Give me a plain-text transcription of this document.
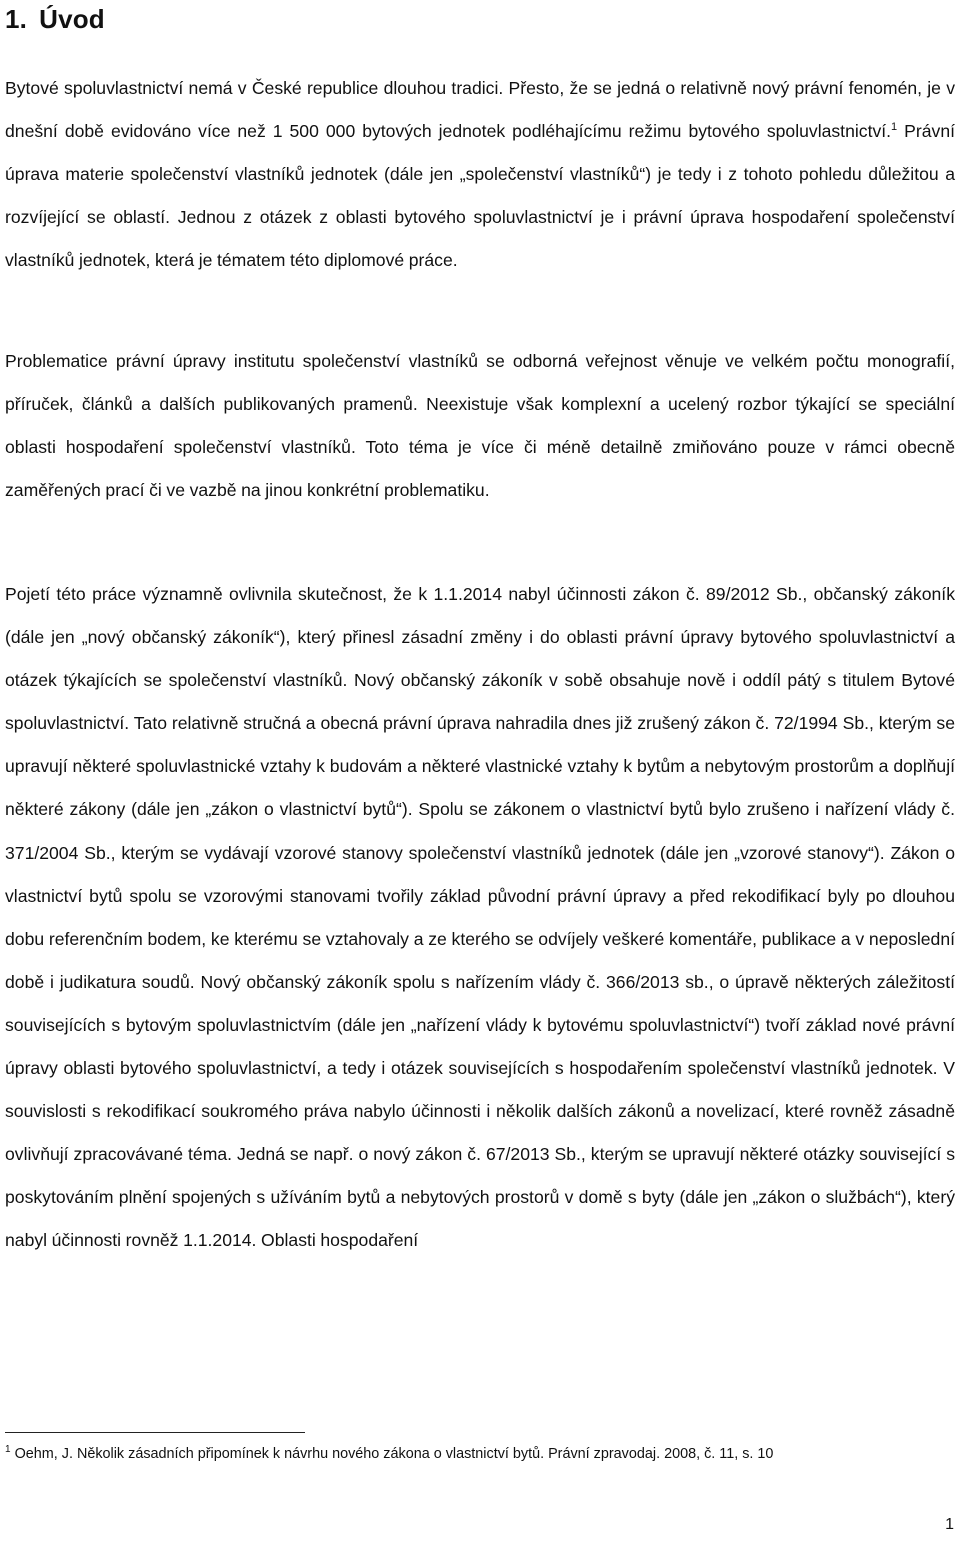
1. Úvod

Bytové spoluvlastnictví nemá v České republice dlouhou tradici. Přesto, že se jedná o relativně nový právní fenomén, je v dnešní době evidováno více než 1 500 000 bytových jednotek podléhajícímu režimu bytového spoluvlastnictví.$^1$ Právní úprava materie společenství vlastníků jednotek (dále jen „společenství vlastníků“) je tedy i z tohoto pohledu důležitou a rozvíjející se oblastí. Jednou z otázek z oblasti bytového spoluvlastnictví je i právní úprava hospodaření společenství vlastníků jednotek, která je tématem této diplomové práce.

Problematice právní úpravy institutu společenství vlastníků se odborná veřejnost věnuje ve velkém počtu monografií, příruček, článků a dalších publikovaných pramenů. Neexistuje však komplexní a ucelený rozbor týkající se speciální oblasti hospodaření společenství vlastníků. Toto téma je více či méně detailně zmiňováno pouze v rámci obecně zaměřených prací či ve vazbě na jinou konkrétní problematiku.

Pojetí této práce významně ovlivnila skutečnost, že k 1.1.2014 nabyl účinnosti zákon č. 89/2012 Sb., občanský zákoník (dále jen „nový občanský zákoník“), který přinesl zásadní změny i do oblasti právní úpravy bytového spoluvlastnictví a otázek týkajících se společenství vlastníků. Nový občanský zákoník v sobě obsahuje nově i oddíl pátý s titulem Bytové spoluvlastnictví. Tato relativně stručná a obecná právní úprava nahradila dnes již zrušený zákon č. 72/1994 Sb., kterým se upravují některé spoluvlastnické vztahy k budovám a některé vlastnické vztahy k bytům a nebytovým prostorům a doplňují některé zákony (dále jen „zákon o vlastnictví bytů“). Spolu se zákonem o vlastnictví bytů bylo zrušeno i nařízení vlády č. 371/2004 Sb., kterým se vydávají vzorové stanovy společenství vlastníků jednotek (dále jen „vzorové stanovy“). Zákon o vlastnictví bytů spolu se vzorovými stanovami tvořily základ původní právní úpravy a před rekodifikací byly po dlouhou dobu referenčním bodem, ke kterému se vztahovaly a ze kterého se odvíjely veškeré komentáře, publikace a v neposlední době i judikatura soudů. Nový občanský zákoník spolu s nařízením vlády č. 366/2013 sb., o úpravě některých záležitostí souvisejících s bytovým spoluvlastnictvím (dále jen „nařízení vlády k bytovému spoluvlastnictví“) tvoří základ nové právní úpravy oblasti bytového spoluvlastnictví, a tedy i otázek souvisejících s hospodařením společenství vlastníků jednotek. V souvislosti s rekodifikací soukromého práva nabylo účinnosti i několik dalších zákonů a novelizací, které rovněž zásadně ovlivňují zpracovávané téma. Jedná se např. o nový zákon č. 67/2013 Sb., kterým se upravují některé otázky související s poskytováním plnění spojených s užíváním bytů a nebytových prostorů v domě s byty (dále jen „zákon o službách“), který nabyl účinnosti rovněž 1.1.2014. Oblasti hospodaření

$^1$ Oehm, J. Několik zásadních připomínek k návrhu nového zákona o vlastnictví bytů. Právní zpravodaj. 2008, č. 11, s. 10

1
